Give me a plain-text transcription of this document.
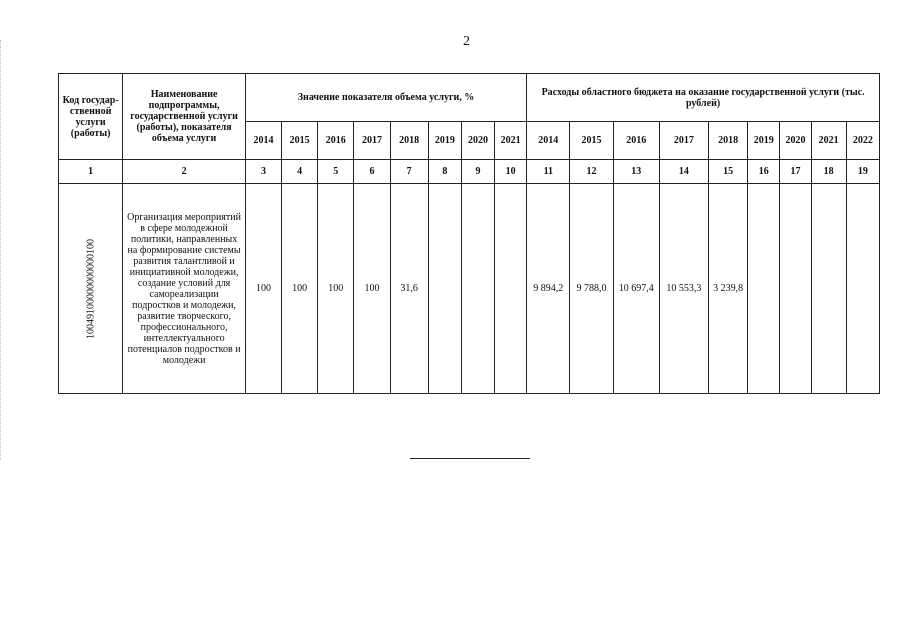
2
Код государ- ственной услуги (работы)	Наименование подпрограммы, государственной услуги (работы), показателя объема услуги	Значение показателя объема услуги, %								Расходы областного бюджета на оказание государственной услуги (тыс. рублей)								
		2014	2015	2016	2017	2018	2019	2020	2021	2014	2015	2016	2017	2018	2019	2020	2021	2022
1	2	3	4	5	6	7	8	9	10	11	12	13	14	15	16	17	18	19

10049100000000000100	Организация мероприятий в сфере молодежной политики, направленных на формирование системы развития талантливой и инициативной молодежи, создание условий для самореализации подростков и молодежи, развитие творческого, профессионального, интеллектуального потенциалов подростков и молодежи	100	100	100	100	31,6				9 894,2	9 788,0	10 697,4	10 553,3	3 239,8				
